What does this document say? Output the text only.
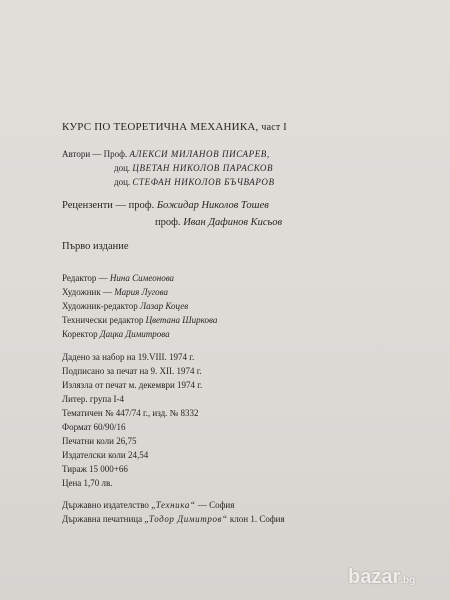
КУРС ПО ТЕОРЕТИЧНА МЕХАНИКА, част I
Автори — Проф. АЛЕКСИ МИЛАНОВ ПИСАРЕВ,
доц. ЦВЕТАН НИКОЛОВ ПАРАСКОВ
доц. СТЕФАН НИКОЛОВ БЪЧВАРОВ
Рецензенти — проф. Божидар Николов Тошев
проф. Иван Дафинов Кисьов
Първо издание
Редактор — Нина Симеонова
Художник — Мария Лугова
Художник-редактор Лазар Коцев
Технически редактор Цветана Ширкова
Коректор Дацка Димитрова
Дадено за набор на 19.VIII. 1974 г.
Подписано за печат на 9. XII. 1974 г.
Излязла от печат м. декември 1974 г.
Литер. група I-4
Тематичен № 447/74 г., изд. № 8332
Формат 60/90/16
Печатни коли 26,75
Издателски коли 24,54
Тираж 15 000+66
Цена 1,70 лв.
Държавно издателство „Техника“ — София
Държавна печатница „Тодор Димитров“ клон 1. София
bazar.bg
